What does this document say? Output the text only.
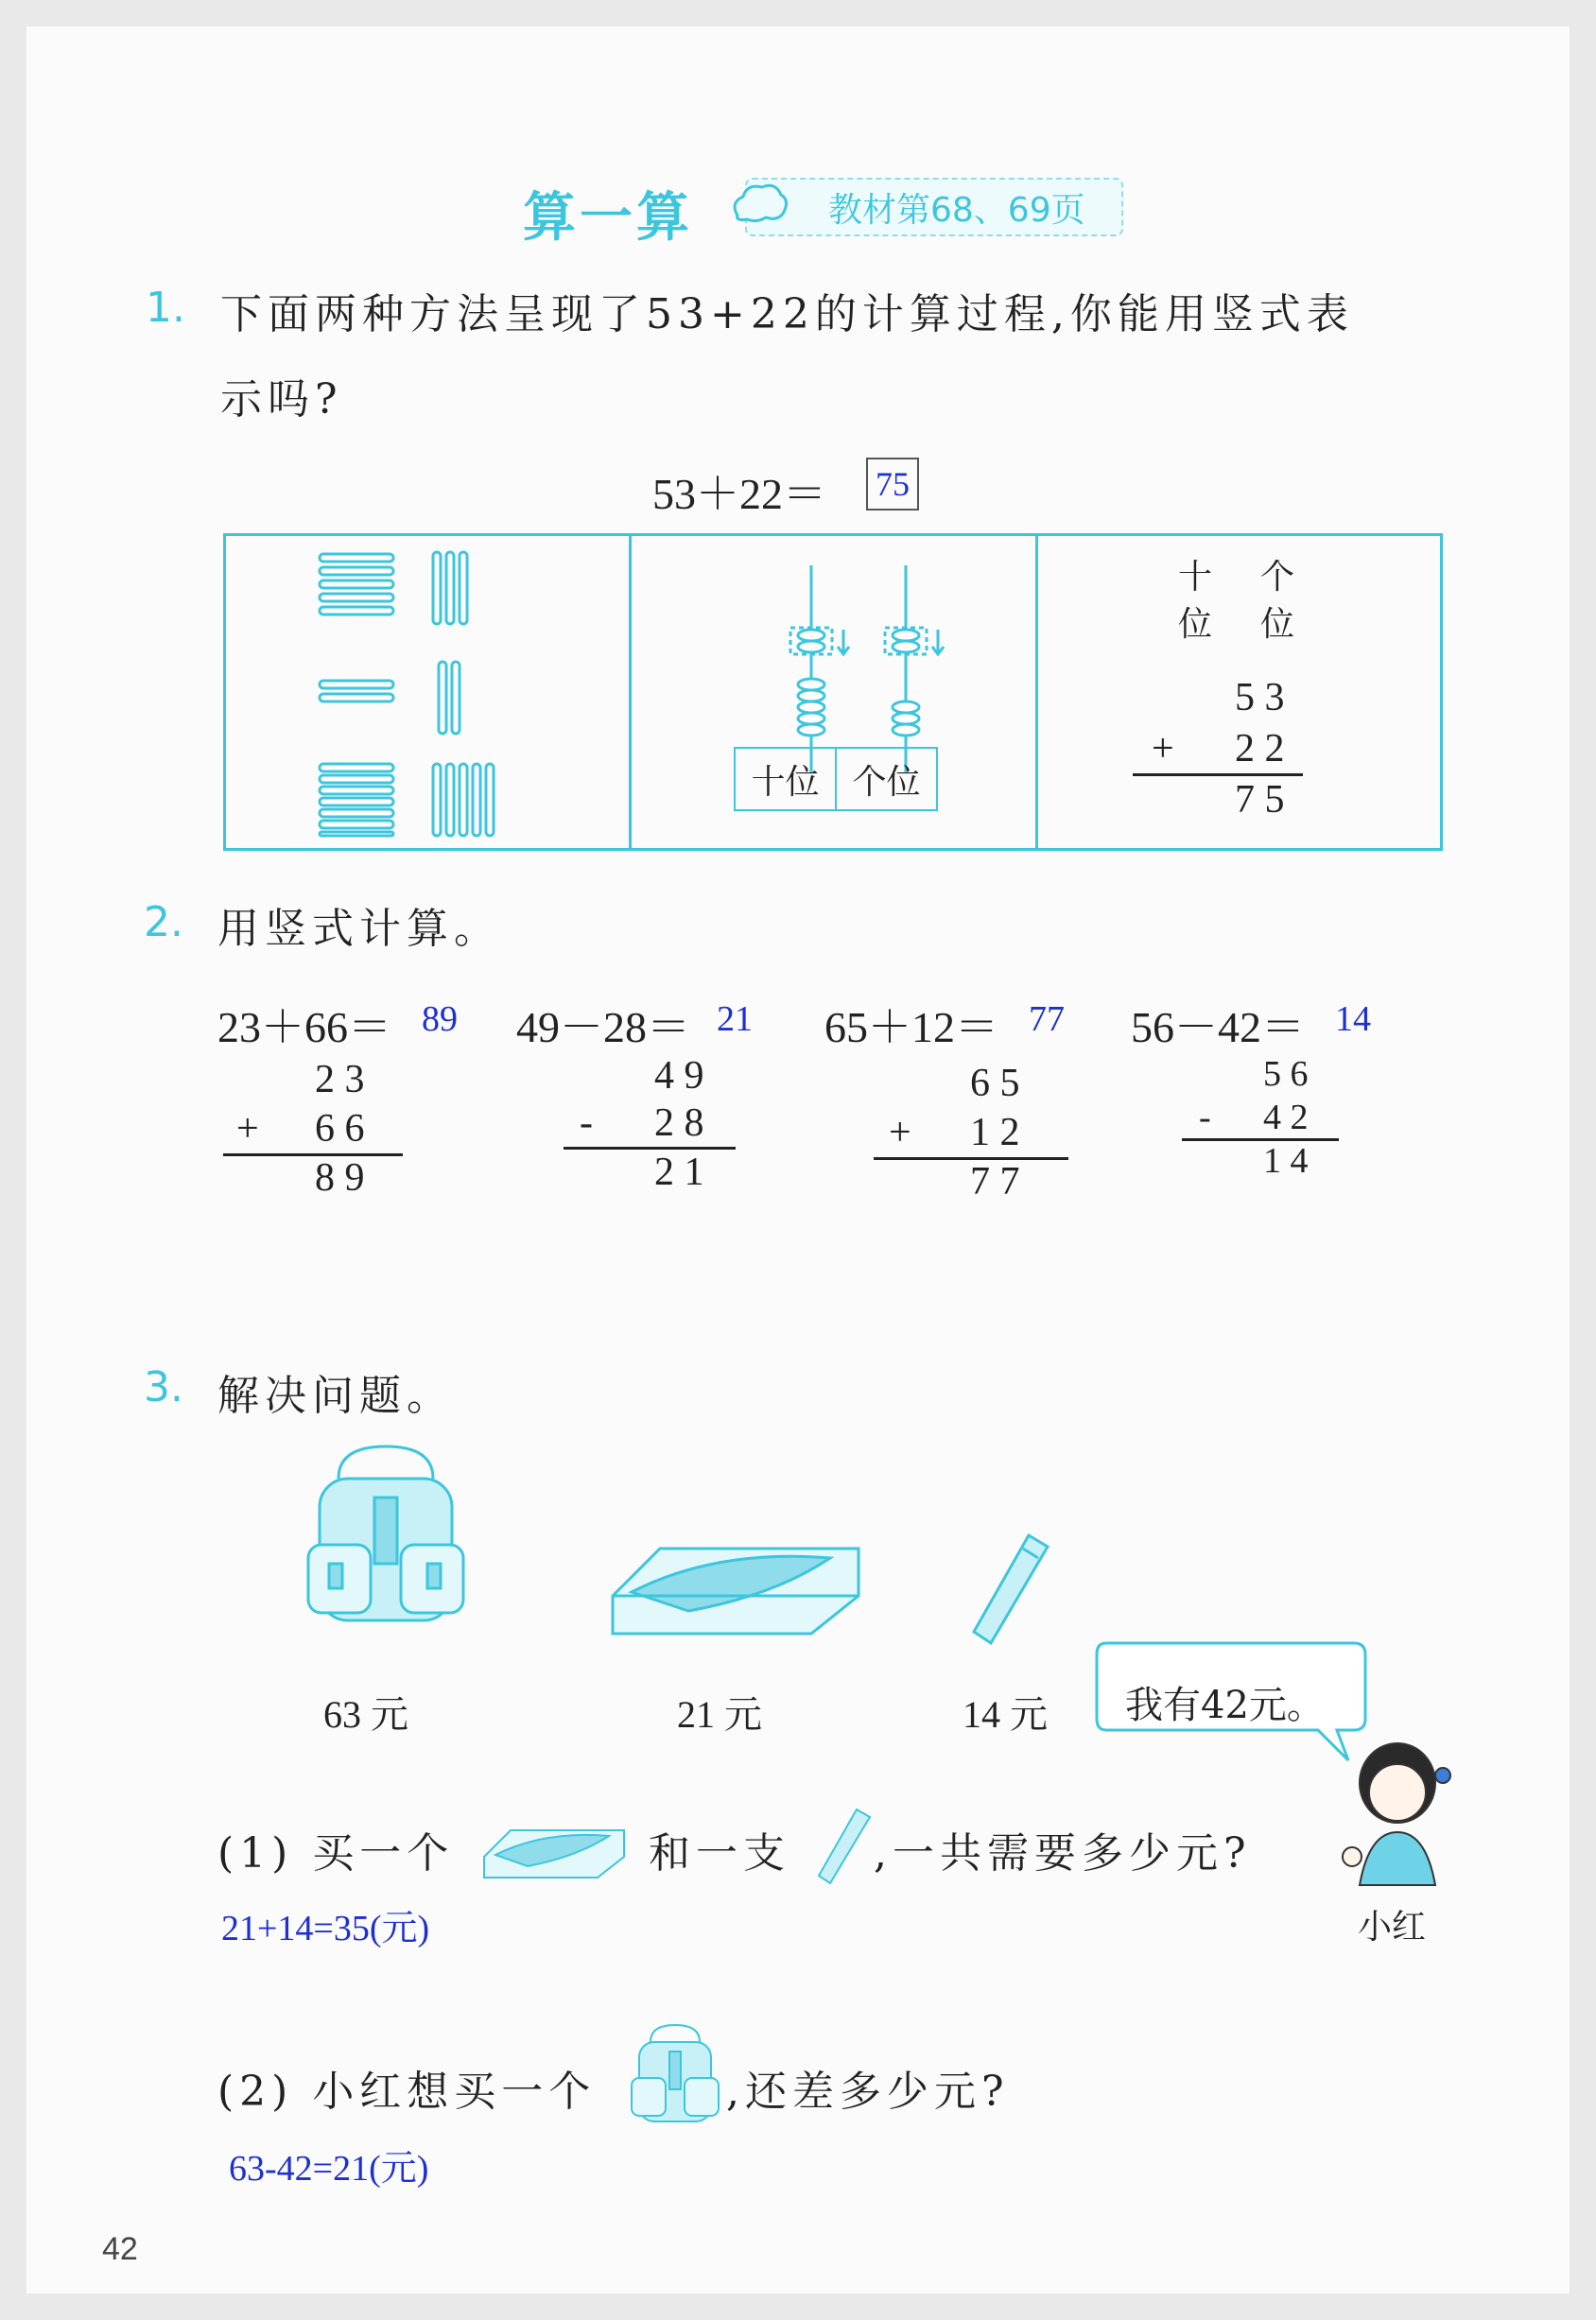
算一算	教材第68、69页
1. 下面两种方法呈现了53+22的计算过程,你能用竖式表
示吗?
53＋22＝ 75
十位 个位
十 个
位 位
5 3
+ 2 2
7 5
2. 用竖式计算。
23＋66＝ 89 49－28＝ 21 65＋12＝ 77 56－42＝ 14
2 3
+ 6 6
8 9
4 9
- 2 8
2 1
6 5
+ 1 2
7 7
5 6
- 4 2
1 4
3. 解决问题。
63 元	21 元	14 元 我有42元。
小红
(1) 买一个	和一支 ,一共需要多少元?
21+14=35(元)
(2) 小红想买一个	,还差多少元?
63-42=21(元)
42
